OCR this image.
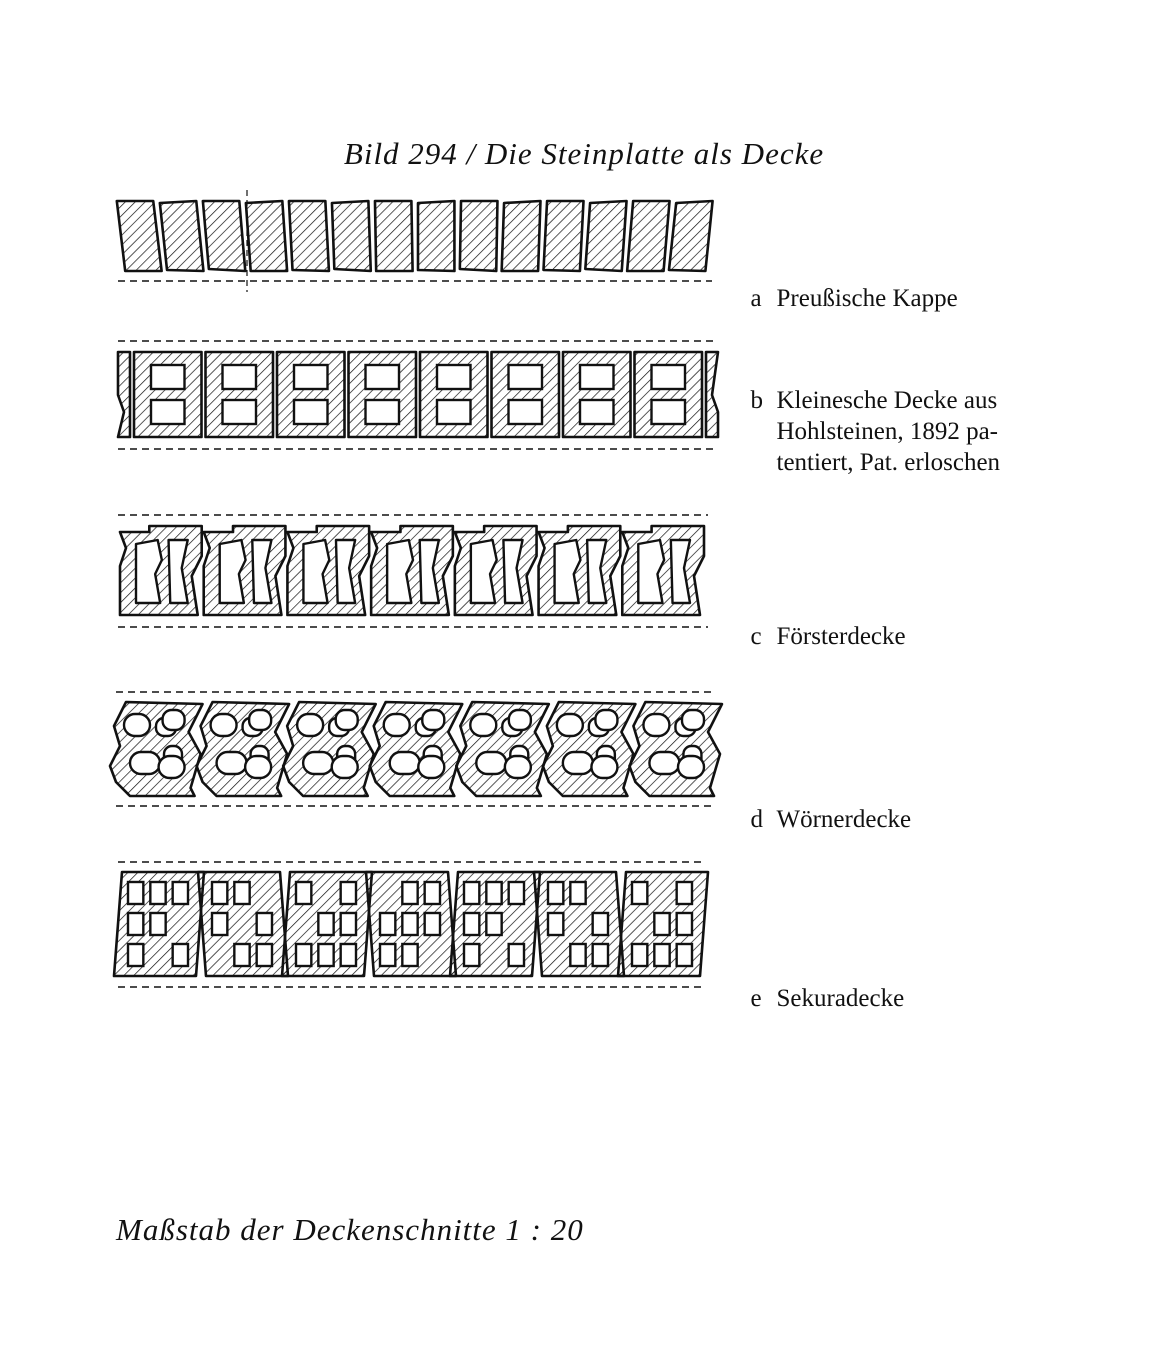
Bild 294 / Die Steinplatte als Decke

a Preußische Kappe

b Kleinesche Decke aus
Hohlsteinen, 1892 pa-
tentiert, Pat. erloschen

c Försterdecke

d Wörnerdecke

e Sekuradecke

Maßstab der Deckenschnitte 1 : 20
